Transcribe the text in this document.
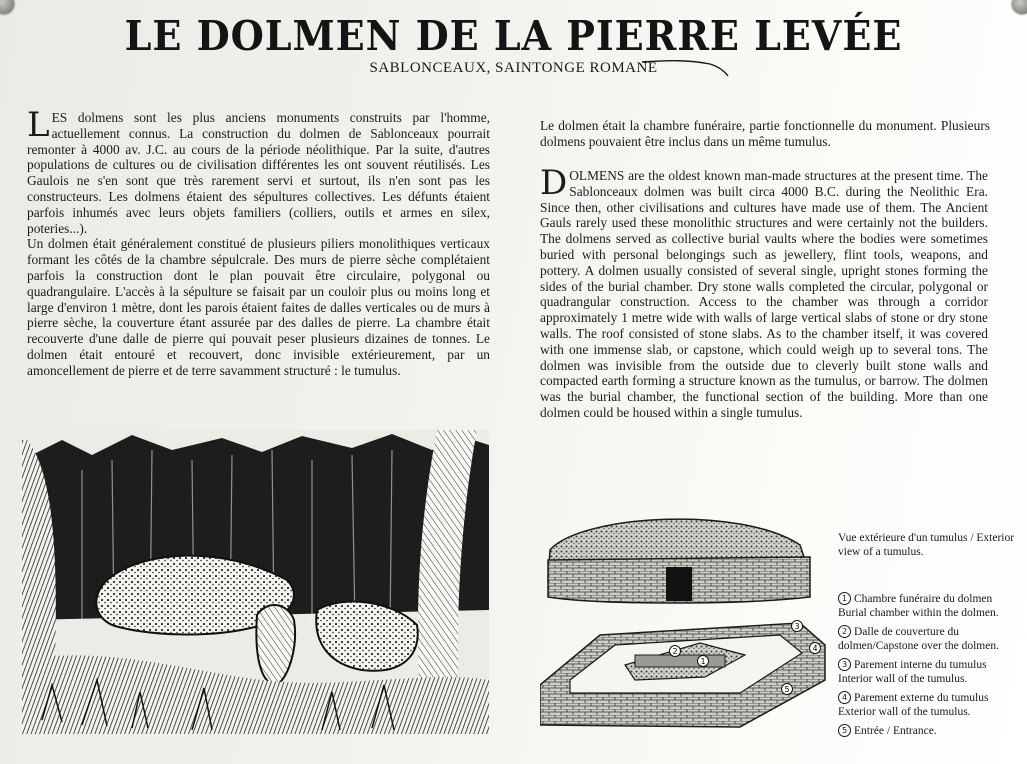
LE DOLMEN DE LA PIERRE LEVÉE
SABLONCEAUX, SAINTONGE ROMANE

LES dolmens sont les plus anciens monuments construits par l'homme, actuellement connus. La construction du dolmen de Sablonceaux pourrait remonter à 4000 av. J.C. au cours de la période néolithique. Par la suite, d'autres populations de cultures ou de civilisation différentes les ont souvent réutilisés. Les Gaulois ne s'en sont que très rarement servi et surtout, ils n'en sont pas les constructeurs. Les dolmens étaient des sépultures collectives. Les défunts étaient parfois inhumés avec leurs objets familiers (colliers, outils et armes en silex, poteries...).

Un dolmen était généralement constitué de plusieurs piliers monolithiques verticaux formant les côtés de la chambre sépulcrale. Des murs de pierre sèche complétaient parfois la construction dont le plan pouvait être circulaire, polygonal ou quadrangulaire. L'accès à la sépulture se faisait par un couloir plus ou moins long et large d'environ 1 mètre, dont les parois étaient faites de dalles verticales ou de murs à pierre sèche, la couverture étant assurée par des dalles de pierre. La chambre était recouverte d'une dalle de pierre qui pouvait peser plusieurs dizaines de tonnes. Le dolmen était entouré et recouvert, donc invisible extérieurement, par un amoncellement de pierre et de terre savamment structuré : le tumulus.

Le dolmen était la chambre funéraire, partie fonctionnelle du monument. Plusieurs dolmens pouvaient être inclus dans un même tumulus.

DOLMENS are the oldest known man-made structures at the present time. The Sablonceaux dolmen was built circa 4000 B.C. during the Neolithic Era. Since then, other civilisations and cultures have made use of them. The Ancient Gauls rarely used these monolithic structures and were certainly not the builders. The dolmens served as collective burial vaults where the bodies were sometimes buried with personal belongings such as jewellery, flint tools, weapons, and pottery. A dolmen usually consisted of several single, upright stones forming the sides of the burial chamber. Dry stone walls completed the circular, polygonal or quadrangular construction. Access to the chamber was through a corridor approximately 1 metre wide with walls of large vertical slabs of stone or dry stone walls. The roof consisted of stone slabs. As to the chamber itself, it was covered with one immense slab, or capstone, which could weigh up to several tons. The dolmen was invisible from the outside due to cleverly built stone walls and compacted earth forming a structure known as the tumulus, or barrow. The dolmen was the burial chamber, the functional section of the building. More than one dolmen could be housed within a single tumulus.

1
2
3
4
5
Vue extérieure d'un tumulus / Exterior view of a tumulus.
1 Chambre funéraire du dolmen
Burial chamber within the dolmen.
2 Dalle de couverture du
dolmen/Capstone over the dolmen.
3 Parement interne du tumulus
Interior wall of the tumulus.
4 Parement externe du tumulus
Exterior wall of the tumulus.
5 Entrée / Entrance.
